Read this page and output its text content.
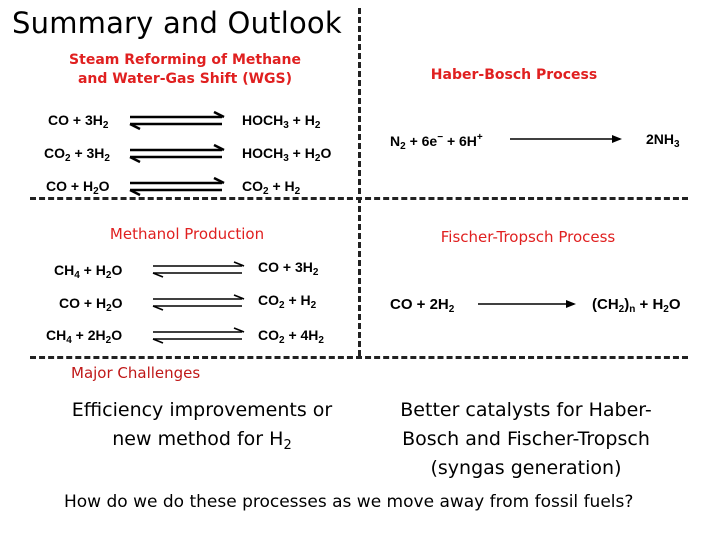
Summary and Outlook
Steam Reforming of Methane
and Water-Gas Shift (WGS)
CO + $3H_2$	$HOCH_3 + H_2$
$CO_2 + 3H_2$	$HOCH_3 + H_2O$
CO + $H_2O$	$CO_2 + H_2$
Haber-Bosch Process
$N_2 + 6e^- + 6H^+$	$2NH_3$
Methanol Production
$CH_4 + H_2O$	CO + $3H_2$
CO + $H_2O$	$CO_2 + H_2$
$CH_4 + 2H_2O$	$CO_2 + 4H_2$
Fischer-Tropsch Process
CO + $2H_2$	$(CH_2)_n + H_2O$
Major Challenges
Efficiency improvements or
new method for $H_2$
Better catalysts for Haber-
Bosch and Fischer-Tropsch
(syngas generation)
How do we do these processes as we move away from fossil fuels?
